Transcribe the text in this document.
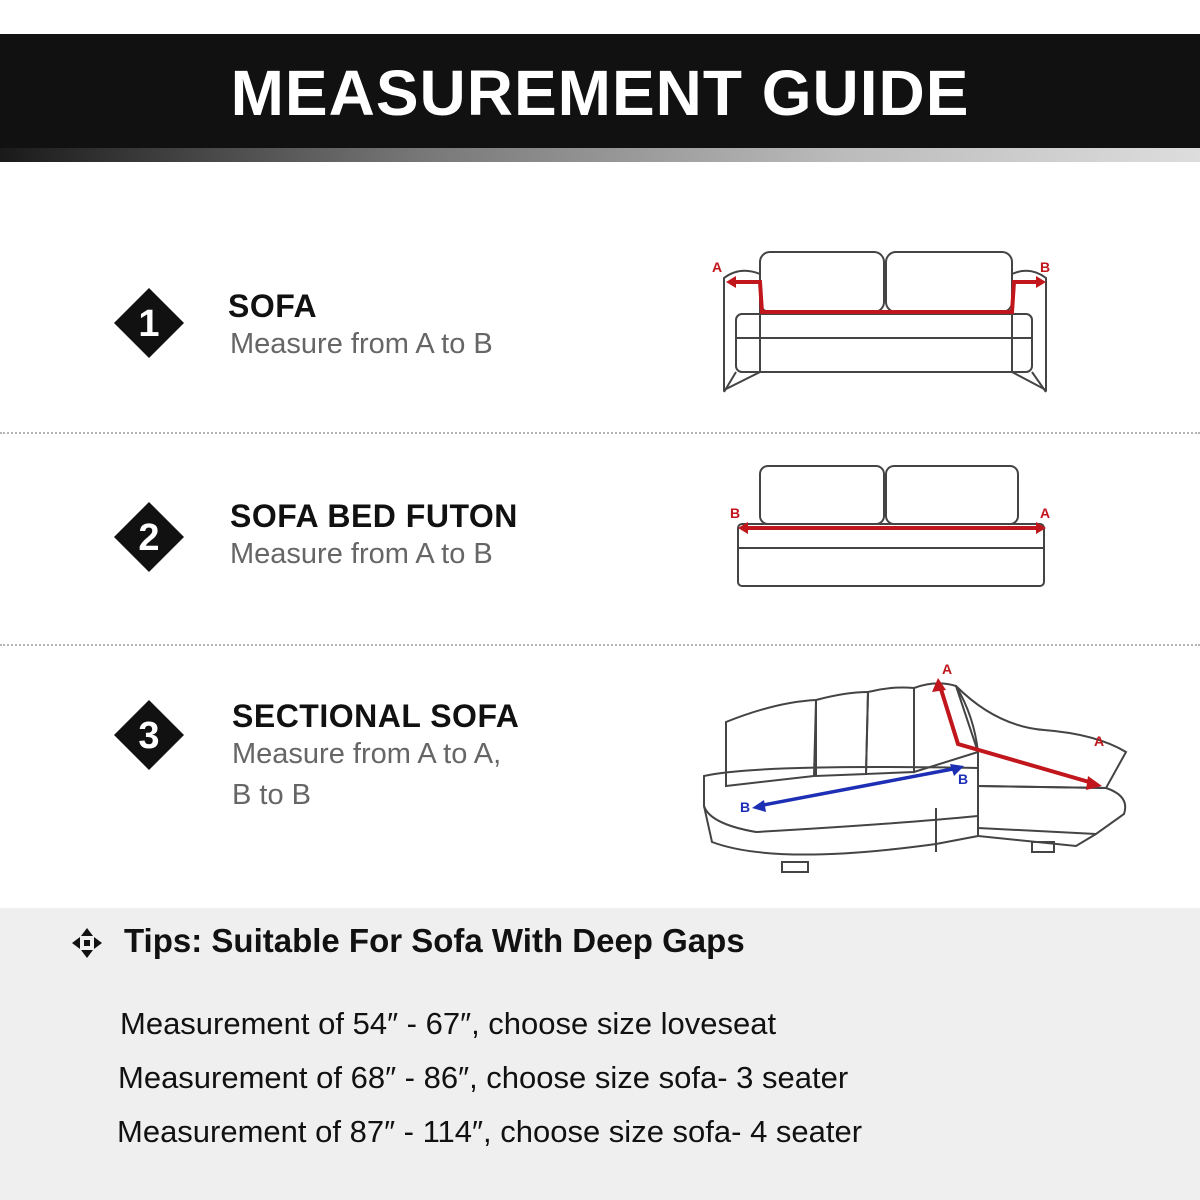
MEASUREMENT GUIDE
1 SOFA
Measure from A to B
A	B
2
SOFA BED FUTON
Measure from A to B
B	A
3 SECTIONAL SOFA
Measure from A to A,
B to B
A
A
B
B
Tips: Suitable For Sofa With Deep Gaps
Measurement of 54″ - 67″, choose size loveseat
Measurement of 68″ - 86″, choose size sofa- 3 seater
Measurement of 87″ - 114″, choose size sofa- 4 seater
